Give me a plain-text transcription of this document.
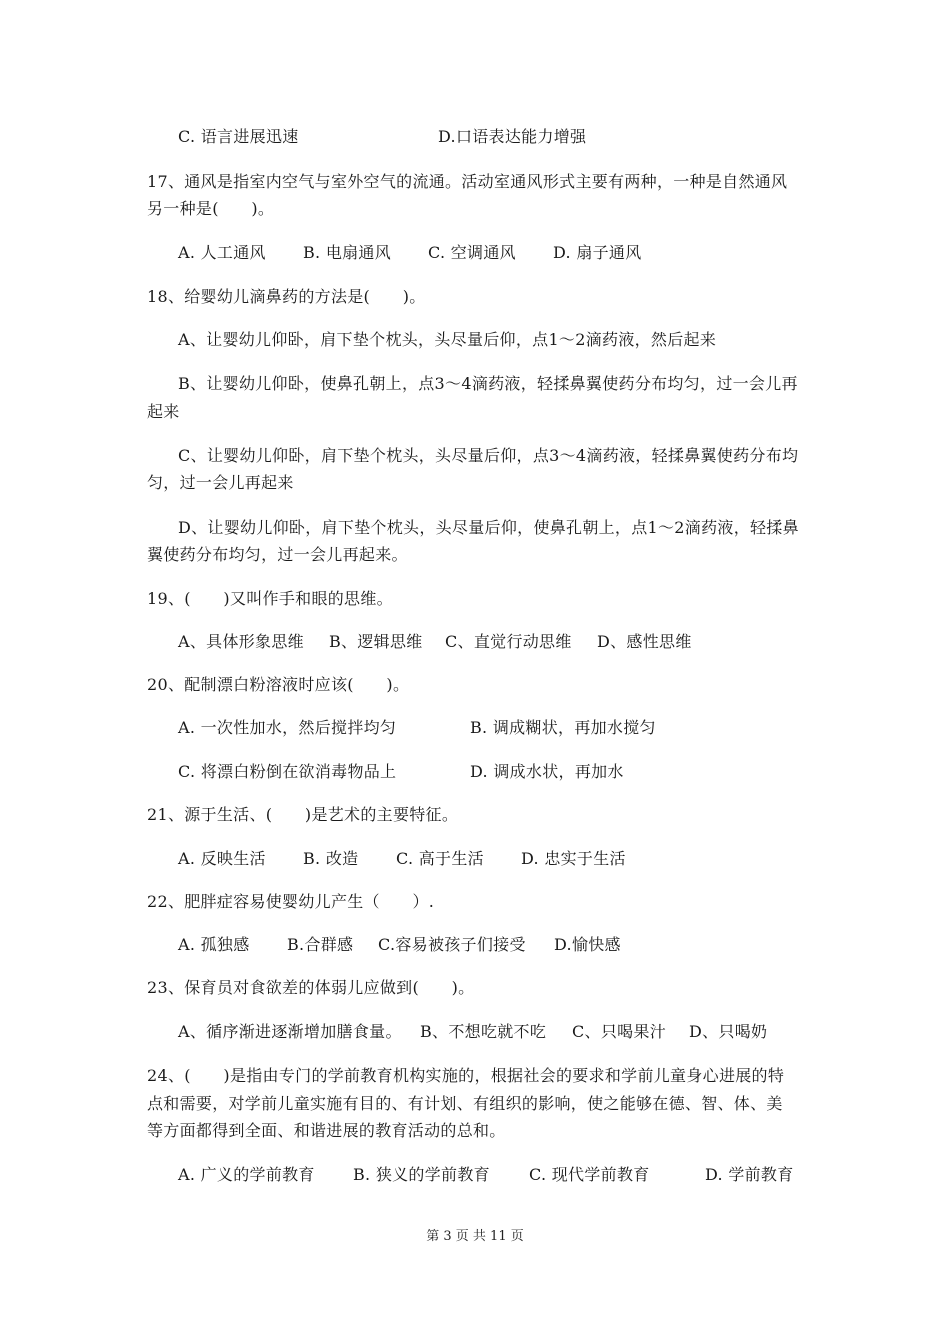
C. 语言进展迅速	D.口语表达能力增强
17、通风是指室内空气与室外空气的流通。活动室通风形式主要有两种，一种是自然通风
另一种是(　　)。
A. 人工通风 B. 电扇通风 C. 空调通风 D. 扇子通风
18、给婴幼儿滴鼻药的方法是(　　)。
A、让婴幼儿仰卧，肩下垫个枕头，头尽量后仰，点1～2滴药液，然后起来
B、让婴幼儿仰卧，使鼻孔朝上，点3～4滴药液，轻揉鼻翼使药分布均匀，过一会儿再
起来
C、让婴幼儿仰卧，肩下垫个枕头，头尽量后仰，点3～4滴药液，轻揉鼻翼使药分布均
匀，过一会儿再起来
D、让婴幼儿仰卧，肩下垫个枕头，头尽量后仰，使鼻孔朝上，点1～2滴药液，轻揉鼻
翼使药分布均匀，过一会儿再起来。
19、(　　)又叫作手和眼的思维。
A、具体形象思维 B、逻辑思维 C、直觉行动思维 D、感性思维
20、配制漂白粉溶液时应该(　　)。
A. 一次性加水，然后搅拌均匀	B. 调成糊状，再加水搅匀
C. 将漂白粉倒在欲消毒物品上	D. 调成水状，再加水
21、源于生活、(　　)是艺术的主要特征。
A. 反映生活 B. 改造 C. 高于生活 D. 忠实于生活
22、肥胖症容易使婴幼儿产生（　　）.
A. 孤独感 B.合群感 C.容易被孩子们接受 D.愉快感
23、保育员对食欲差的体弱儿应做到(　　)。
A、循序渐进逐渐增加膳食量。 B、不想吃就不吃 C、只喝果汁 D、只喝奶
24、(　　)是指由专门的学前教育机构实施的，根据社会的要求和学前儿童身心进展的特
点和需要，对学前儿童实施有目的、有计划、有组织的影响，使之能够在德、智、体、美
等方面都得到全面、和谐进展的教育活动的总和。
A. 广义的学前教育 B. 狭义的学前教育 C. 现代学前教育	D. 学前教育
第 3 页 共 11 页
